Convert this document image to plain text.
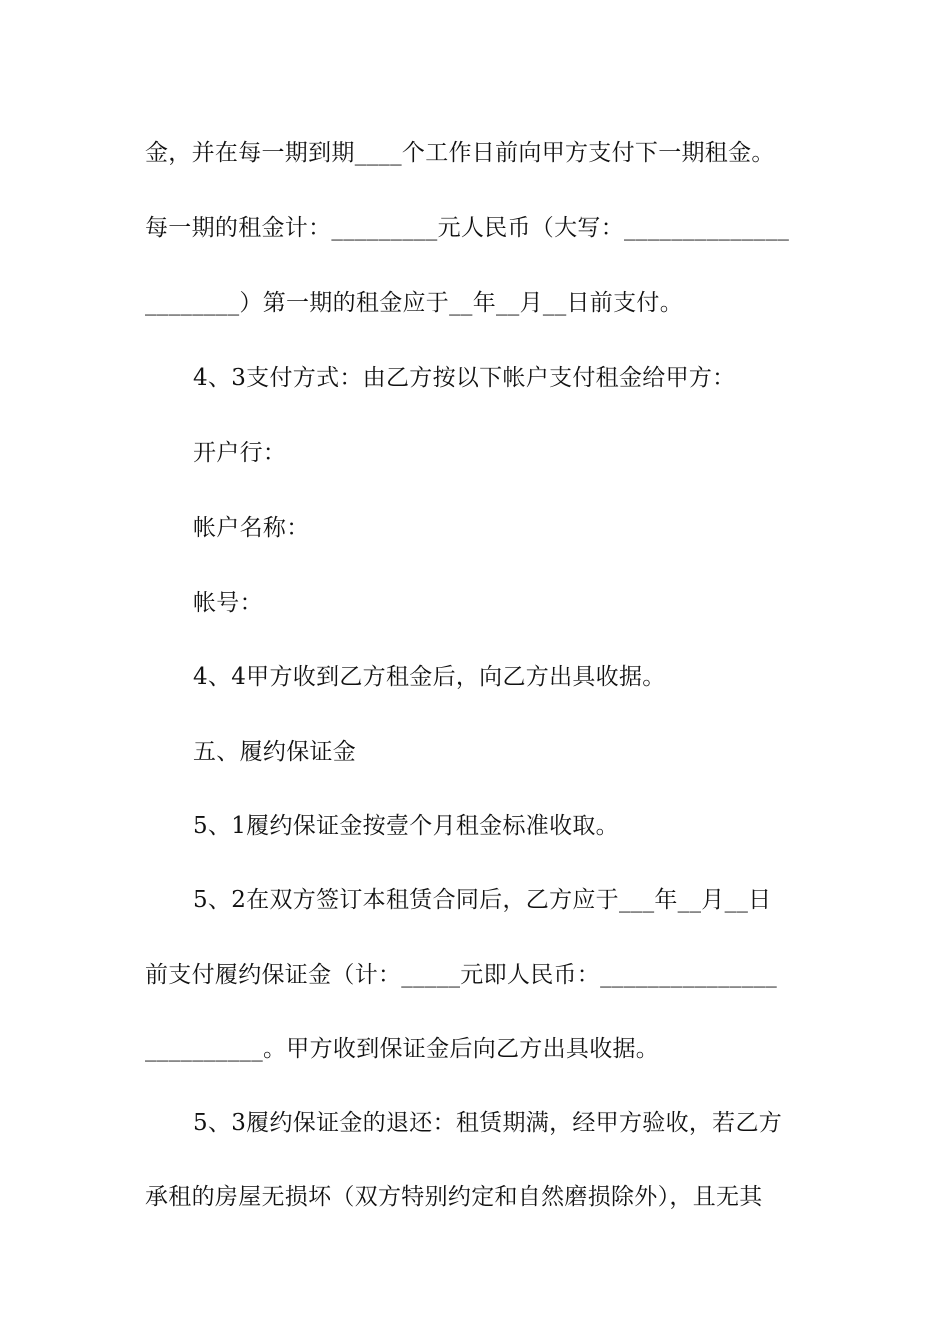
金，并在每一期到期____个工作日前向甲方支付下一期租金。
每一期的租金计：_________元人民币（大写：______________
________）第一期的租金应于__年__月__日前支付。
4、3支付方式：由乙方按以下帐户支付租金给甲方：
开户行：
帐户名称：
帐号：
4、4甲方收到乙方租金后，向乙方出具收据。
五、履约保证金
5、1履约保证金按壹个月租金标准收取。
5、2在双方签订本租赁合同后，乙方应于___年__月__日
前支付履约保证金（计：_____元即人民币：_______________
__________。甲方收到保证金后向乙方出具收据。
5、3履约保证金的退还：租赁期满，经甲方验收，若乙方
承租的房屋无损坏（双方特别约定和自然磨损除外），且无其
